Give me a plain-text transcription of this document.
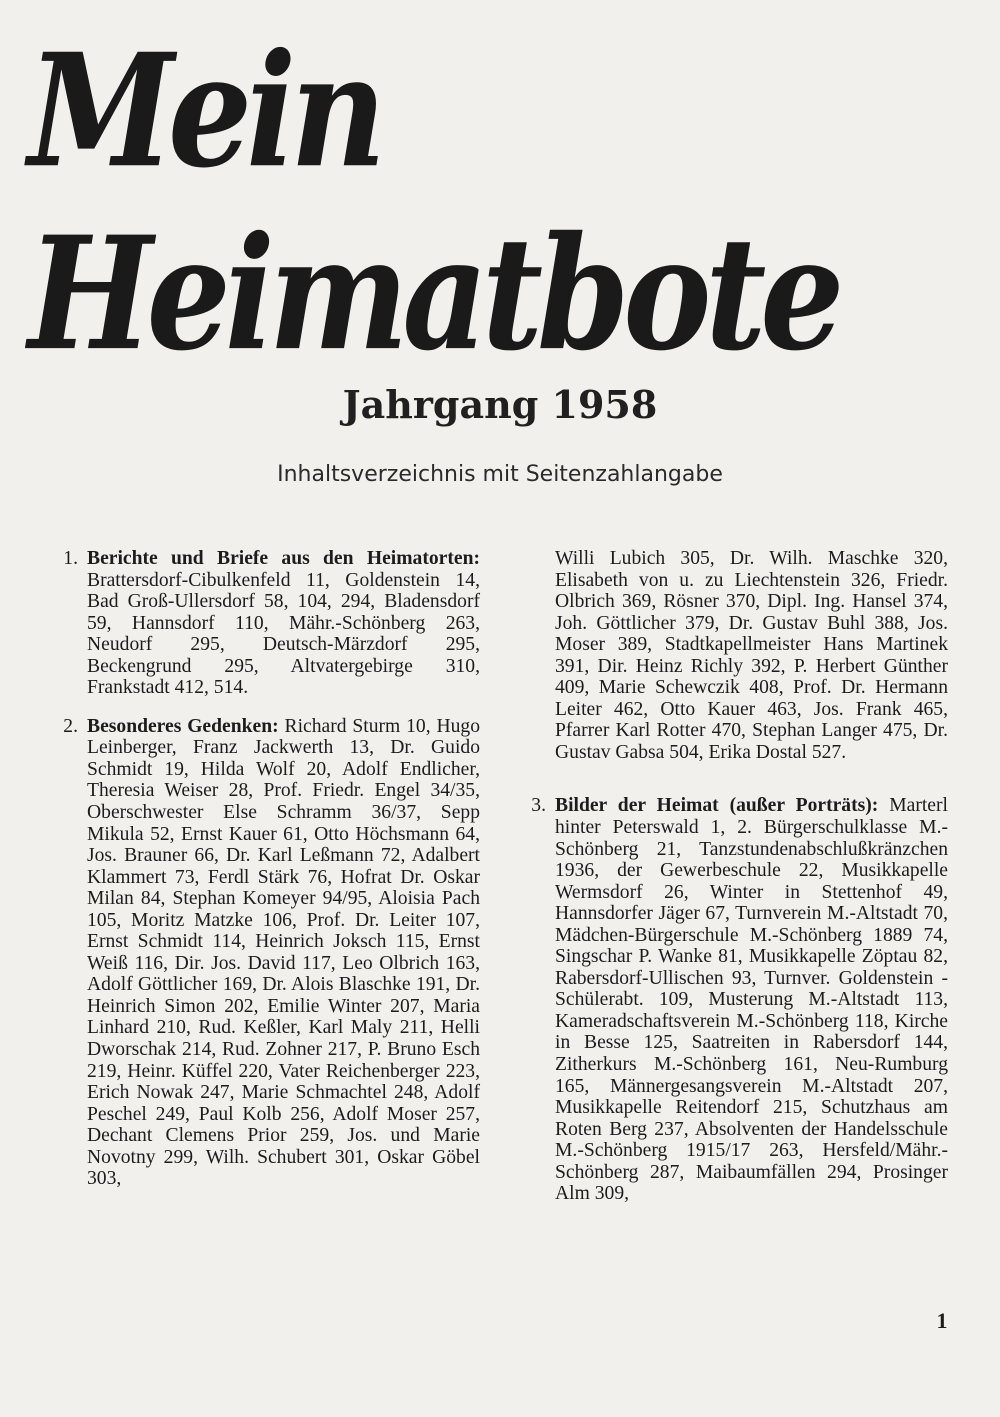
Mein Heimatbote
Jahrgang 1958
Inhaltsverzeichnis mit Seitenzahlangabe
1. Berichte und Briefe aus den Heimatorten: Brattersdorf-Cibulkenfeld 11, Goldenstein 14, Bad Groß-Ullersdorf 58, 104, 294, Bladensdorf 59, Hannsdorf 110, Mähr.-Schönberg 263, Neudorf 295, Deutsch-Märzdorf 295, Beckengrund 295, Altvatergebirge 310, Frankstadt 412, 514.
2. Besonderes Gedenken: Richard Sturm 10, Hugo Leinberger, Franz Jackwerth 13, Dr. Guido Schmidt 19, Hilda Wolf 20, Adolf Endlicher, Theresia Weiser 28, Prof. Friedr. Engel 34/35, Oberschwester Else Schramm 36/37, Sepp Mikula 52, Ernst Kauer 61, Otto Höchsmann 64, Jos. Brauner 66, Dr. Karl Leßmann 72, Adalbert Klammert 73, Ferdl Stärk 76, Hofrat Dr. Oskar Milan 84, Stephan Komeyer 94/95, Aloisia Pach 105, Moritz Matzke 106, Prof. Dr. Leiter 107, Ernst Schmidt 114, Heinrich Joksch 115, Ernst Weiß 116, Dir. Jos. David 117, Leo Olbrich 163, Adolf Göttlicher 169, Dr. Alois Blaschke 191, Dr. Heinrich Simon 202, Emilie Winter 207, Maria Linhard 210, Rud. Keßler, Karl Maly 211, Helli Dworschak 214, Rud. Zohner 217, P. Bruno Esch 219, Heinr. Küffel 220, Vater Reichenberger 223, Erich Nowak 247, Marie Schmachtel 248, Adolf Peschel 249, Paul Kolb 256, Adolf Moser 257, Dechant Clemens Prior 259, Jos. und Marie Novotny 299, Wilh. Schubert 301, Oskar Göbel 303,
Willi Lubich 305, Dr. Wilh. Maschke 320, Elisabeth von u. zu Liechtenstein 326, Friedr. Olbrich 369, Rösner 370, Dipl. Ing. Hansel 374, Joh. Göttlicher 379, Dr. Gustav Buhl 388, Jos. Moser 389, Stadtkapellmeister Hans Martinek 391, Dir. Heinz Richly 392, P. Herbert Günther 409, Marie Schewczik 408, Prof. Dr. Hermann Leiter 462, Otto Kauer 463, Jos. Frank 465, Pfarrer Karl Rotter 470, Stephan Langer 475, Dr. Gustav Gabsa 504, Erika Dostal 527.
3. Bilder der Heimat (außer Porträts): Marterl hinter Peterswald 1, 2. Bürgerschulklasse M.-Schönberg 21, Tanzstundenabschlußkränzchen 1936, der Gewerbeschule 22, Musikkapelle Wermsdorf 26, Winter in Stettenhof 49, Hannsdorfer Jäger 67, Turnverein M.-Altstadt 70, Mädchen-Bürgerschule M.-Schönberg 1889 74, Singschar P. Wanke 81, Musikkapelle Zöptau 82, Rabersdorf-Ullischen 93, Turnver. Goldenstein - Schülerabt. 109, Musterung M.-Altstadt 113, Kameradschaftsverein M.-Schönberg 118, Kirche in Besse 125, Saatreiten in Rabersdorf 144, Zitherkurs M.-Schönberg 161, Neu-Rumburg 165, Männergesangsverein M.-Altstadt 207, Musikkapelle Reitendorf 215, Schutzhaus am Roten Berg 237, Absolventen der Handelsschule M.-Schönberg 1915/17 263, Hersfeld/Mähr.-Schönberg 287, Maibaumfällen 294, Prosinger Alm 309,
1
